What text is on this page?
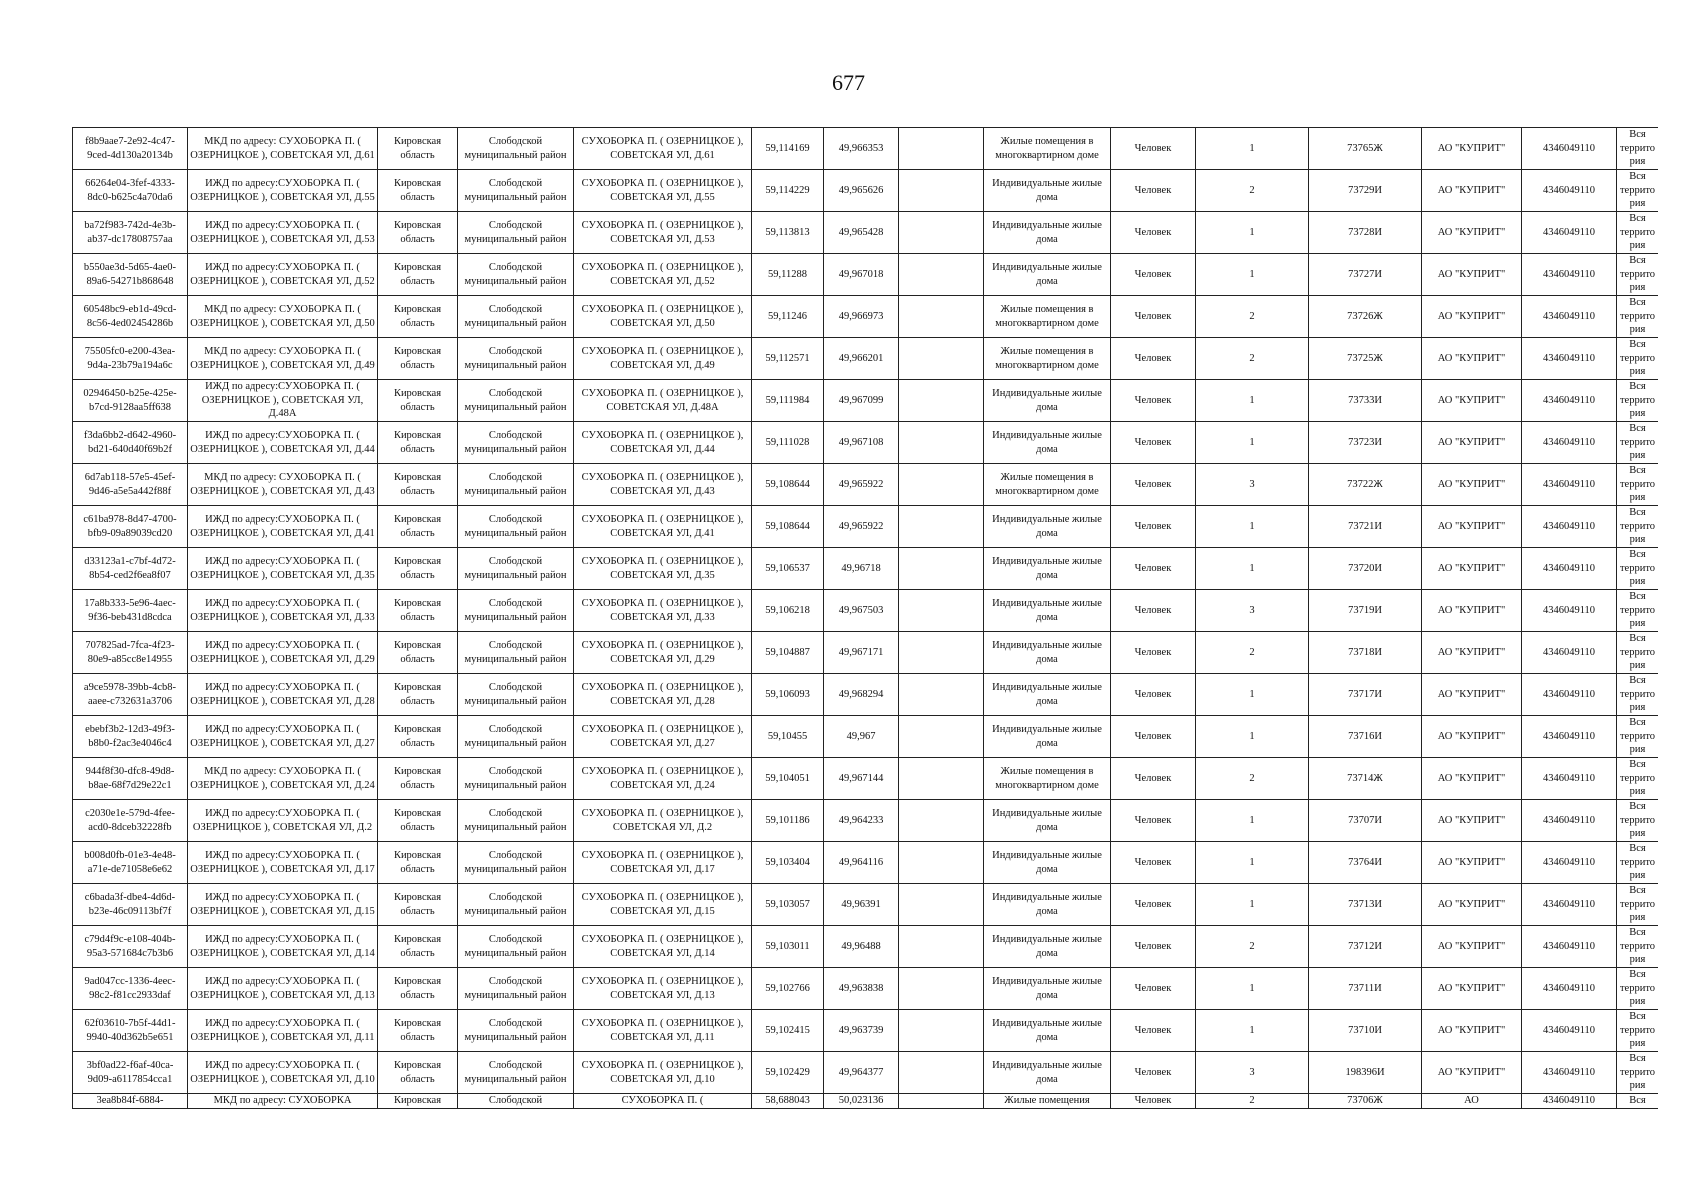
677
f8b9aae7-2e92-4c47-9ced-4d130a20134b	МКД по адресу: СУХОБОРКА П. ( ОЗЕРНИЦКОЕ ), СОВЕТСКАЯ УЛ, Д.61	Кировская область	Слободской муниципальный район	СУХОБОРКА П. ( ОЗЕРНИЦКОЕ ), СОВЕТСКАЯ УЛ, Д.61	59,114169	49,966353		Жилые помещения в многоквартирном доме	Человек	1	73765Ж	АО "КУПРИТ"	4346049110	Вся территория
66264e04-3fef-4333-8dc0-b625c4a70da6	ИЖД по адресу:СУХОБОРКА П. ( ОЗЕРНИЦКОЕ ), СОВЕТСКАЯ УЛ, Д.55	Кировская область	Слободской муниципальный район	СУХОБОРКА П. ( ОЗЕРНИЦКОЕ ), СОВЕТСКАЯ УЛ, Д.55	59,114229	49,965626		Индивидуальные жилые дома	Человек	2	73729И	АО "КУПРИТ"	4346049110	Вся территория
ba72f983-742d-4e3b-ab37-dc17808757aa	ИЖД по адресу:СУХОБОРКА П. ( ОЗЕРНИЦКОЕ ), СОВЕТСКАЯ УЛ, Д.53	Кировская область	Слободской муниципальный район	СУХОБОРКА П. ( ОЗЕРНИЦКОЕ ), СОВЕТСКАЯ УЛ, Д.53	59,113813	49,965428		Индивидуальные жилые дома	Человек	1	73728И	АО "КУПРИТ"	4346049110	Вся территория
b550ae3d-5d65-4ae0-89a6-54271b868648	ИЖД по адресу:СУХОБОРКА П. ( ОЗЕРНИЦКОЕ ), СОВЕТСКАЯ УЛ, Д.52	Кировская область	Слободской муниципальный район	СУХОБОРКА П. ( ОЗЕРНИЦКОЕ ), СОВЕТСКАЯ УЛ, Д.52	59,11288	49,967018		Индивидуальные жилые дома	Человек	1	73727И	АО "КУПРИТ"	4346049110	Вся территория
60548bc9-eb1d-49cd-8c56-4ed02454286b	МКД по адресу: СУХОБОРКА П. ( ОЗЕРНИЦКОЕ ), СОВЕТСКАЯ УЛ, Д.50	Кировская область	Слободской муниципальный район	СУХОБОРКА П. ( ОЗЕРНИЦКОЕ ), СОВЕТСКАЯ УЛ, Д.50	59,11246	49,966973		Жилые помещения в многоквартирном доме	Человек	2	73726Ж	АО "КУПРИТ"	4346049110	Вся территория
75505fc0-e200-43ea-9d4a-23b79a194a6c	МКД по адресу: СУХОБОРКА П. ( ОЗЕРНИЦКОЕ ), СОВЕТСКАЯ УЛ, Д.49	Кировская область	Слободской муниципальный район	СУХОБОРКА П. ( ОЗЕРНИЦКОЕ ), СОВЕТСКАЯ УЛ, Д.49	59,112571	49,966201		Жилые помещения в многоквартирном доме	Человек	2	73725Ж	АО "КУПРИТ"	4346049110	Вся территория
02946450-b25e-425e-b7cd-9128aa5ff638	ИЖД по адресу:СУХОБОРКА П. ( ОЗЕРНИЦКОЕ ), СОВЕТСКАЯ УЛ, Д.48А	Кировская область	Слободской муниципальный район	СУХОБОРКА П. ( ОЗЕРНИЦКОЕ ), СОВЕТСКАЯ УЛ, Д.48А	59,111984	49,967099		Индивидуальные жилые дома	Человек	1	73733И	АО "КУПРИТ"	4346049110	Вся территория
f3da6bb2-d642-4960-bd21-640d40f69b2f	ИЖД по адресу:СУХОБОРКА П. ( ОЗЕРНИЦКОЕ ), СОВЕТСКАЯ УЛ, Д.44	Кировская область	Слободской муниципальный район	СУХОБОРКА П. ( ОЗЕРНИЦКОЕ ), СОВЕТСКАЯ УЛ, Д.44	59,111028	49,967108		Индивидуальные жилые дома	Человек	1	73723И	АО "КУПРИТ"	4346049110	Вся территория
6d7ab118-57e5-45ef-9d46-a5e5a442f88f	МКД по адресу: СУХОБОРКА П. ( ОЗЕРНИЦКОЕ ), СОВЕТСКАЯ УЛ, Д.43	Кировская область	Слободской муниципальный район	СУХОБОРКА П. ( ОЗЕРНИЦКОЕ ), СОВЕТСКАЯ УЛ, Д.43	59,108644	49,965922		Жилые помещения в многоквартирном доме	Человек	3	73722Ж	АО "КУПРИТ"	4346049110	Вся территория
c61ba978-8d47-4700-bfb9-09a89039cd20	ИЖД по адресу:СУХОБОРКА П. ( ОЗЕРНИЦКОЕ ), СОВЕТСКАЯ УЛ, Д.41	Кировская область	Слободской муниципальный район	СУХОБОРКА П. ( ОЗЕРНИЦКОЕ ), СОВЕТСКАЯ УЛ, Д.41	59,108644	49,965922		Индивидуальные жилые дома	Человек	1	73721И	АО "КУПРИТ"	4346049110	Вся территория
d33123a1-c7bf-4d72-8b54-ced2f6ea8f07	ИЖД по адресу:СУХОБОРКА П. ( ОЗЕРНИЦКОЕ ), СОВЕТСКАЯ УЛ, Д.35	Кировская область	Слободской муниципальный район	СУХОБОРКА П. ( ОЗЕРНИЦКОЕ ), СОВЕТСКАЯ УЛ, Д.35	59,106537	49,96718		Индивидуальные жилые дома	Человек	1	73720И	АО "КУПРИТ"	4346049110	Вся территория
17a8b333-5e96-4aec-9f36-beb431d8cdca	ИЖД по адресу:СУХОБОРКА П. ( ОЗЕРНИЦКОЕ ), СОВЕТСКАЯ УЛ, Д.33	Кировская область	Слободской муниципальный район	СУХОБОРКА П. ( ОЗЕРНИЦКОЕ ), СОВЕТСКАЯ УЛ, Д.33	59,106218	49,967503		Индивидуальные жилые дома	Человек	3	73719И	АО "КУПРИТ"	4346049110	Вся территория
707825ad-7fca-4f23-80e9-a85cc8e14955	ИЖД по адресу:СУХОБОРКА П. ( ОЗЕРНИЦКОЕ ), СОВЕТСКАЯ УЛ, Д.29	Кировская область	Слободской муниципальный район	СУХОБОРКА П. ( ОЗЕРНИЦКОЕ ), СОВЕТСКАЯ УЛ, Д.29	59,104887	49,967171		Индивидуальные жилые дома	Человек	2	73718И	АО "КУПРИТ"	4346049110	Вся территория
a9ce5978-39bb-4cb8-aaee-c732631a3706	ИЖД по адресу:СУХОБОРКА П. ( ОЗЕРНИЦКОЕ ), СОВЕТСКАЯ УЛ, Д.28	Кировская область	Слободской муниципальный район	СУХОБОРКА П. ( ОЗЕРНИЦКОЕ ), СОВЕТСКАЯ УЛ, Д.28	59,106093	49,968294		Индивидуальные жилые дома	Человек	1	73717И	АО "КУПРИТ"	4346049110	Вся территория
ebebf3b2-12d3-49f3-b8b0-f2ac3e4046c4	ИЖД по адресу:СУХОБОРКА П. ( ОЗЕРНИЦКОЕ ), СОВЕТСКАЯ УЛ, Д.27	Кировская область	Слободской муниципальный район	СУХОБОРКА П. ( ОЗЕРНИЦКОЕ ), СОВЕТСКАЯ УЛ, Д.27	59,10455	49,967		Индивидуальные жилые дома	Человек	1	73716И	АО "КУПРИТ"	4346049110	Вся территория
944f8f30-dfc8-49d8-b8ae-68f7d29e22c1	МКД по адресу: СУХОБОРКА П. ( ОЗЕРНИЦКОЕ ), СОВЕТСКАЯ УЛ, Д.24	Кировская область	Слободской муниципальный район	СУХОБОРКА П. ( ОЗЕРНИЦКОЕ ), СОВЕТСКАЯ УЛ, Д.24	59,104051	49,967144		Жилые помещения в многоквартирном доме	Человек	2	73714Ж	АО "КУПРИТ"	4346049110	Вся территория
c2030e1e-579d-4fee-acd0-8dceb32228fb	ИЖД по адресу:СУХОБОРКА П. ( ОЗЕРНИЦКОЕ ), СОВЕТСКАЯ УЛ, Д.2	Кировская область	Слободской муниципальный район	СУХОБОРКА П. ( ОЗЕРНИЦКОЕ ), СОВЕТСКАЯ УЛ, Д.2	59,101186	49,964233		Индивидуальные жилые дома	Человек	1	73707И	АО "КУПРИТ"	4346049110	Вся территория
b008d0fb-01e3-4e48-a71e-de71058e6e62	ИЖД по адресу:СУХОБОРКА П. ( ОЗЕРНИЦКОЕ ), СОВЕТСКАЯ УЛ, Д.17	Кировская область	Слободской муниципальный район	СУХОБОРКА П. ( ОЗЕРНИЦКОЕ ), СОВЕТСКАЯ УЛ, Д.17	59,103404	49,964116		Индивидуальные жилые дома	Человек	1	73764И	АО "КУПРИТ"	4346049110	Вся территория
c6bada3f-dbe4-4d6d-b23e-46c09113bf7f	ИЖД по адресу:СУХОБОРКА П. ( ОЗЕРНИЦКОЕ ), СОВЕТСКАЯ УЛ, Д.15	Кировская область	Слободской муниципальный район	СУХОБОРКА П. ( ОЗЕРНИЦКОЕ ), СОВЕТСКАЯ УЛ, Д.15	59,103057	49,96391		Индивидуальные жилые дома	Человек	1	73713И	АО "КУПРИТ"	4346049110	Вся территория
c79d4f9c-e108-404b-95a3-571684c7b3b6	ИЖД по адресу:СУХОБОРКА П. ( ОЗЕРНИЦКОЕ ), СОВЕТСКАЯ УЛ, Д.14	Кировская область	Слободской муниципальный район	СУХОБОРКА П. ( ОЗЕРНИЦКОЕ ), СОВЕТСКАЯ УЛ, Д.14	59,103011	49,96488		Индивидуальные жилые дома	Человек	2	73712И	АО "КУПРИТ"	4346049110	Вся территория
9ad047cc-1336-4eec-98c2-f81cc2933daf	ИЖД по адресу:СУХОБОРКА П. ( ОЗЕРНИЦКОЕ ), СОВЕТСКАЯ УЛ, Д.13	Кировская область	Слободской муниципальный район	СУХОБОРКА П. ( ОЗЕРНИЦКОЕ ), СОВЕТСКАЯ УЛ, Д.13	59,102766	49,963838		Индивидуальные жилые дома	Человек	1	73711И	АО "КУПРИТ"	4346049110	Вся территория
62f03610-7b5f-44d1-9940-40d362b5e651	ИЖД по адресу:СУХОБОРКА П. ( ОЗЕРНИЦКОЕ ), СОВЕТСКАЯ УЛ, Д.11	Кировская область	Слободской муниципальный район	СУХОБОРКА П. ( ОЗЕРНИЦКОЕ ), СОВЕТСКАЯ УЛ, Д.11	59,102415	49,963739		Индивидуальные жилые дома	Человек	1	73710И	АО "КУПРИТ"	4346049110	Вся территория
3bf0ad22-f6af-40ca-9d09-a6117854cca1	ИЖД по адресу:СУХОБОРКА П. ( ОЗЕРНИЦКОЕ ), СОВЕТСКАЯ УЛ, Д.10	Кировская область	Слободской муниципальный район	СУХОБОРКА П. ( ОЗЕРНИЦКОЕ ), СОВЕТСКАЯ УЛ, Д.10	59,102429	49,964377		Индивидуальные жилые дома	Человек	3	198396И	АО "КУПРИТ"	4346049110	Вся территория
3ea8b84f-6884-	МКД по адресу: СУХОБОРКА	Кировская	Слободской	СУХОБОРКА П. (	58,688043	50,023136		Жилые помещения	Человек	2	73706Ж	АО	4346049110	Вся
